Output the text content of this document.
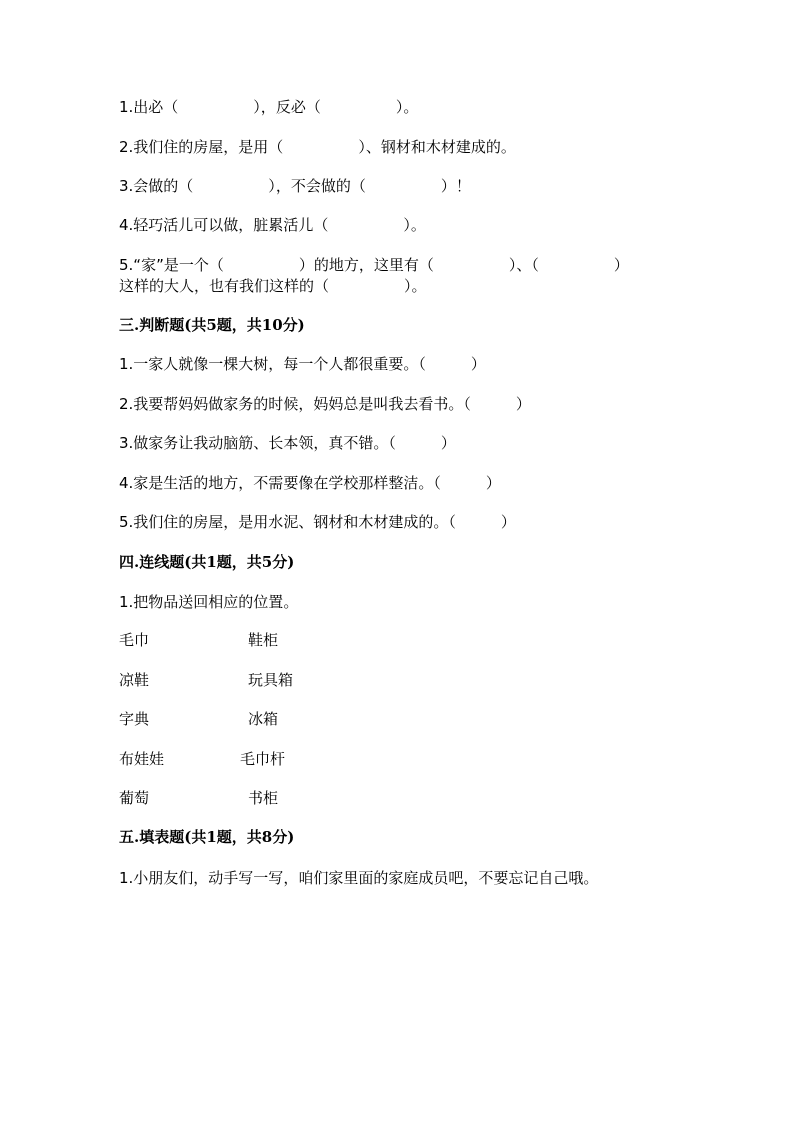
1.出必（　　　　　），反必（　　　　　）。
2.我们住的房屋，是用（　　　　　）、钢材和木材建成的。
3.会做的（　　　　　），不会做的（　　　　　）！
4.轻巧活儿可以做，脏累活儿（　　　　　）。
5.“家”是一个（　　　　　）的地方，这里有（　　　　　）、（　　　　　）
这样的大人，也有我们这样的（　　　　　）。
三.判断题(共5题，共10分)
1.一家人就像一棵大树，每一个人都很重要。（　　　）
2.我要帮妈妈做家务的时候，妈妈总是叫我去看书。（　　　）
3.做家务让我动脑筋、长本领，真不错。（　　　）
4.家是生活的地方，不需要像在学校那样整洁。（　　　）
5.我们住的房屋，是用水泥、钢材和木材建成的。（　　　）
四.连线题(共1题，共5分)
1.把物品送回相应的位置。
毛巾	鞋柜
凉鞋	玩具箱
字典	冰箱
布娃娃	毛巾杆
葡萄	书柜
五.填表题(共1题，共8分)
1.小朋友们，动手写一写，咱们家里面的家庭成员吧，不要忘记自己哦。
